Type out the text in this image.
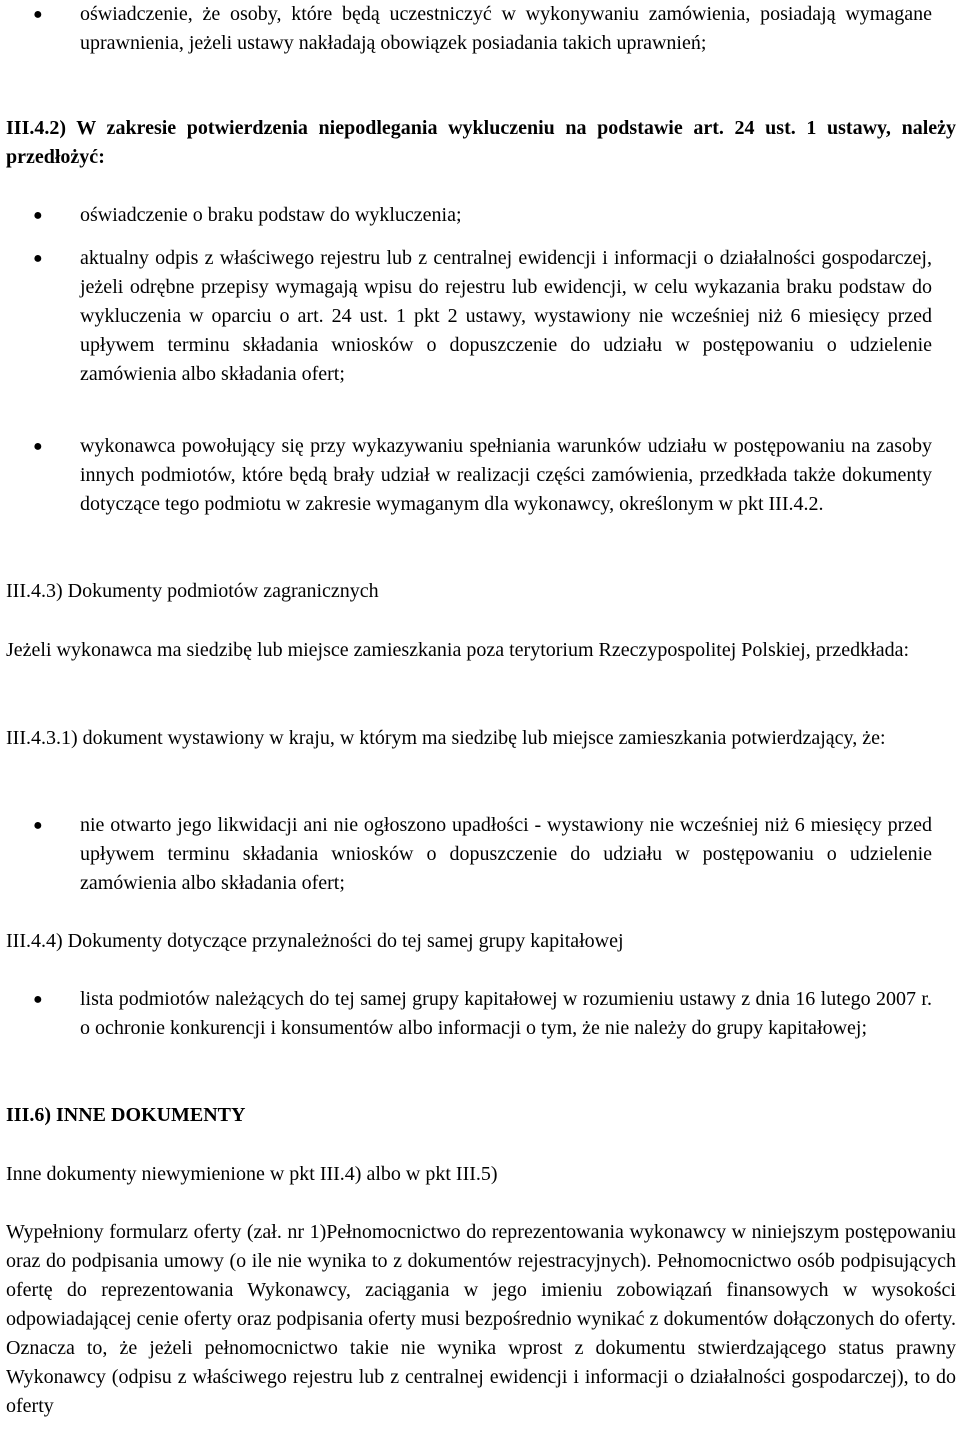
● oświadczenie, że osoby, które będą uczestniczyć w wykonywaniu zamówienia, posiadają wymagane uprawnienia, jeżeli ustawy nakładają obowiązek posiadania takich uprawnień;
III.4.2) W zakresie potwierdzenia niepodlegania wykluczeniu na podstawie art. 24 ust. 1 ustawy, należy przedłożyć:
● oświadczenie o braku podstaw do wykluczenia;
● aktualny odpis z właściwego rejestru lub z centralnej ewidencji i informacji o działalności gospodarczej, jeżeli odrębne przepisy wymagają wpisu do rejestru lub ewidencji, w celu wykazania braku podstaw do wykluczenia w oparciu o art. 24 ust. 1 pkt 2 ustawy, wystawiony nie wcześniej niż 6 miesięcy przed upływem terminu składania wniosków o dopuszczenie do udziału w postępowaniu o udzielenie zamówienia albo składania ofert;
● wykonawca powołujący się przy wykazywaniu spełniania warunków udziału w postępowaniu na zasoby innych podmiotów, które będą brały udział w realizacji części zamówienia, przedkłada także dokumenty dotyczące tego podmiotu w zakresie wymaganym dla wykonawcy, określonym w pkt III.4.2.
III.4.3) Dokumenty podmiotów zagranicznych
Jeżeli wykonawca ma siedzibę lub miejsce zamieszkania poza terytorium Rzeczypospolitej Polskiej, przedkłada:
III.4.3.1) dokument wystawiony w kraju, w którym ma siedzibę lub miejsce zamieszkania potwierdzający, że:
● nie otwarto jego likwidacji ani nie ogłoszono upadłości - wystawiony nie wcześniej niż 6 miesięcy przed upływem terminu składania wniosków o dopuszczenie do udziału w postępowaniu o udzielenie zamówienia albo składania ofert;
III.4.4) Dokumenty dotyczące przynależności do tej samej grupy kapitałowej
● lista podmiotów należących do tej samej grupy kapitałowej w rozumieniu ustawy z dnia 16 lutego 2007 r. o ochronie konkurencji i konsumentów albo informacji o tym, że nie należy do grupy kapitałowej;
III.6) INNE DOKUMENTY
Inne dokumenty niewymienione w pkt III.4) albo w pkt III.5)
Wypełniony formularz oferty (zał. nr 1)Pełnomocnictwo do reprezentowania wykonawcy w niniejszym postępowaniu oraz do podpisania umowy (o ile nie wynika to z dokumentów rejestracyjnych). Pełnomocnictwo osób podpisujących ofertę do reprezentowania Wykonawcy, zaciągania w jego imieniu zobowiązań finansowych w wysokości odpowiadającej cenie oferty oraz podpisania oferty musi bezpośrednio wynikać z dokumentów dołączonych do oferty. Oznacza to, że jeżeli pełnomocnictwo takie nie wynika wprost z dokumentu stwierdzającego status prawny Wykonawcy (odpisu z właściwego rejestru lub z centralnej ewidencji i informacji o działalności gospodarczej), to do oferty
